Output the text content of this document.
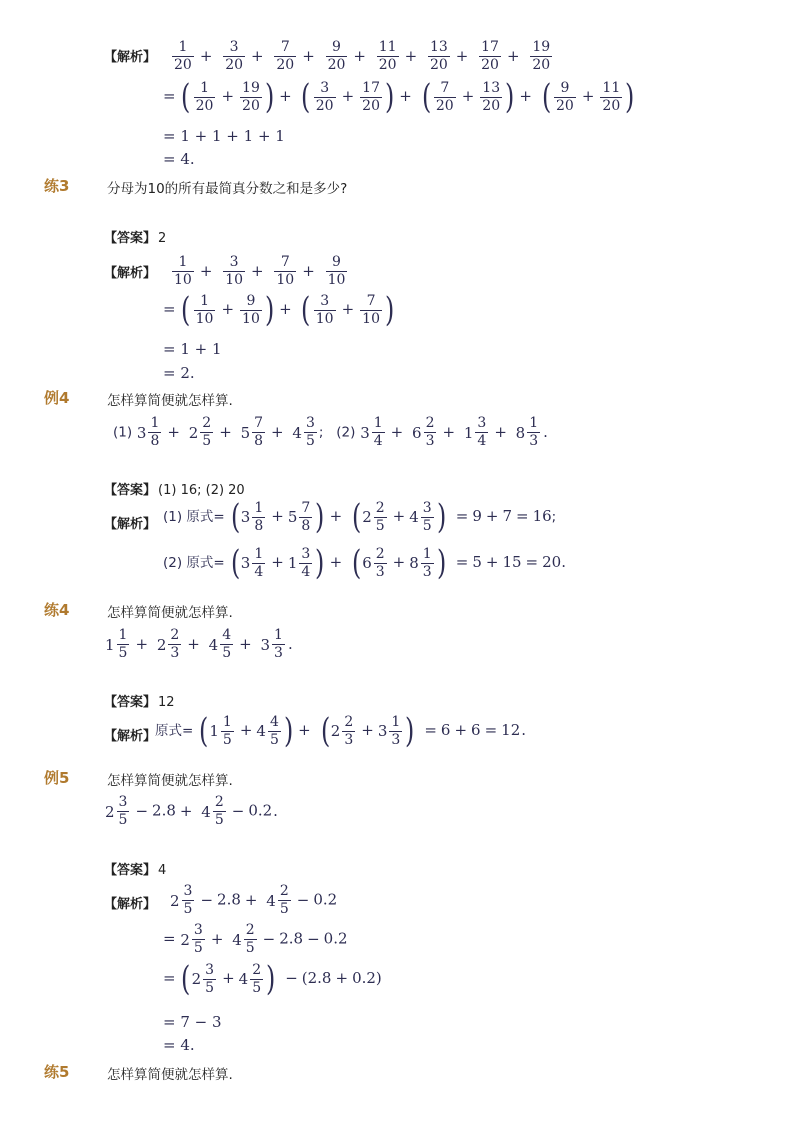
【解析】 $\frac{1}{20} + \frac{3}{20} + \frac{7}{20} + \frac{9}{20} + \frac{11}{20} + \frac{13}{20} + \frac{17}{20} + \frac{19}{20}$
= ( $\frac{1}{20} + \frac{19}{20}$ ) + ( $\frac{3}{20} + \frac{17}{20}$ ) + ( $\frac{7}{20} + \frac{13}{20}$ ) + ( $\frac{9}{20} + \frac{11}{20}$ )
= 1 + 1 + 1 + 1
= 4.
练3	分母为10的所有最简真分数之和是多少?
【答案】 2
【解析】 $\frac{1}{10} + \frac{3}{10} + \frac{7}{10} + \frac{9}{10}$
= ( $\frac{1}{10} + \frac{9}{10}$ ) + ( $\frac{3}{10} + \frac{7}{10}$ )
= 1 + 1
= 2.
例4	怎样算简便就怎样算.
(1) $3 \frac{1}{8} + 2 \frac{2}{5} + 5 \frac{7}{8} + 4 \frac{3}{5}$ ;   (2) $3 \frac{1}{4} + 6 \frac{2}{3} + 1 \frac{3}{4} + 8 \frac{1}{3}$ .
【答案】 (1) 16; (2) 20
【解析】 (1) 原式= ($3 \frac{1}{8} + 5 \frac{7}{8}$ ) + ($2 \frac{2}{5} + 4 \frac{3}{5}$ ) = 9 + 7 = 16;
(2) 原式= ($3 \frac{1}{4} + 1 \frac{3}{4}$ ) + ($6 \frac{2}{3} + 8 \frac{1}{3}$ ) = 5 + 15 = 20.
练4	怎样算简便就怎样算.
$1 \frac{1}{5} + 2 \frac{2}{3} + 4 \frac{4}{5} + 3 \frac{1}{3}$ .
【答案】 12
【解析】
原式= ($1 \frac{1}{5} + 4 \frac{4}{5}$ ) + ($2 \frac{2}{3} + 3 \frac{1}{3}$ ) = 6 + 6 = 12.
例5	怎样算简便就怎样算.
$2 \frac{3}{5} - 2.8 + 4 \frac{2}{5} - 0.2$.
【答案】 4
【解析】 $2 \frac{3}{5} - 2.8 + 4 \frac{2}{5} - 0.2$
= $2 \frac{3}{5} + 4 \frac{2}{5} - 2.8 - 0.2$
= ($2 \frac{3}{5} + 4 \frac{2}{5}$ ) − (2.8 + 0.2)
= 7 − 3
= 4.
练5	怎样算简便就怎样算.
